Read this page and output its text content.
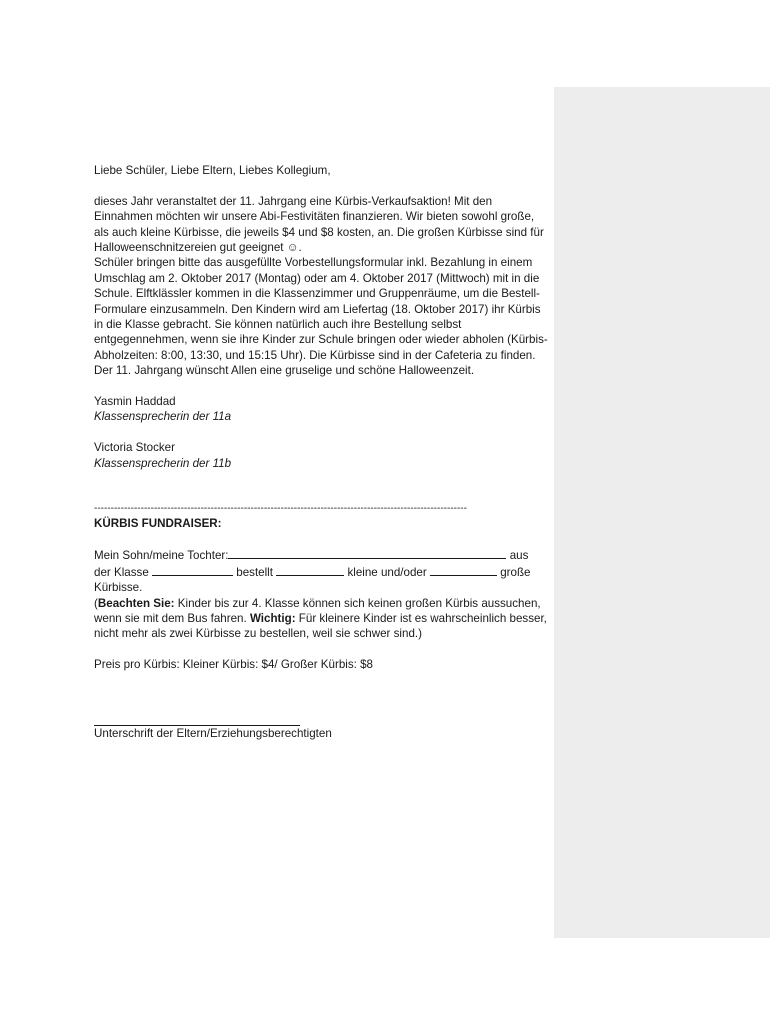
Liebe Schüler, Liebe Eltern, Liebes Kollegium,

dieses Jahr veranstaltet der 11. Jahrgang eine Kürbis-Verkaufsaktion! Mit den

Einnahmen möchten wir unsere Abi-Festivitäten finanzieren. Wir bieten sowohl große,

als auch kleine Kürbisse, die jeweils $4 und $8 kosten, an. Die großen Kürbisse sind für

Halloweenschnitzereien gut geeignet ☺.

Schüler bringen bitte das ausgefüllte Vorbestellungsformular inkl. Bezahlung in einem

Umschlag am 2. Oktober 2017 (Montag) oder am 4. Oktober 2017 (Mittwoch) mit in die

Schule. Elftklässler kommen in die Klassenzimmer und Gruppenräume, um die Bestell-

Formulare einzusammeln. Den Kindern wird am Liefertag (18. Oktober 2017) ihr Kürbis

in die Klasse gebracht. Sie können natürlich auch ihre Bestellung selbst

entgegennehmen, wenn sie ihre Kinder zur Schule bringen oder wieder abholen (Kürbis-

Abholzeiten: 8:00, 13:30, und 15:15 Uhr). Die Kürbisse sind in der Cafeteria zu finden.

Der 11. Jahrgang wünscht Allen eine gruselige und schöne Halloweenzeit.

Yasmin Haddad

Klassensprecherin der 11a

Victoria Stocker

Klassensprecherin der 11b

----------------------------------------------------------------------------------------------------------------

KÜRBIS FUNDRAISER:

Mein Sohn/meine Tochter:	aus

der Klasse	bestellt	kleine und/oder	große

Kürbisse.

(Beachten Sie: Kinder bis zur 4. Klasse können sich keinen großen Kürbis aussuchen,

wenn sie mit dem Bus fahren. Wichtig: Für kleinere Kinder ist es wahrscheinlich besser,

nicht mehr als zwei Kürbisse zu bestellen, weil sie schwer sind.)

Preis pro Kürbis: Kleiner Kürbis: $4/ Großer Kürbis: $8

Unterschrift der Eltern/Erziehungsberechtigten
